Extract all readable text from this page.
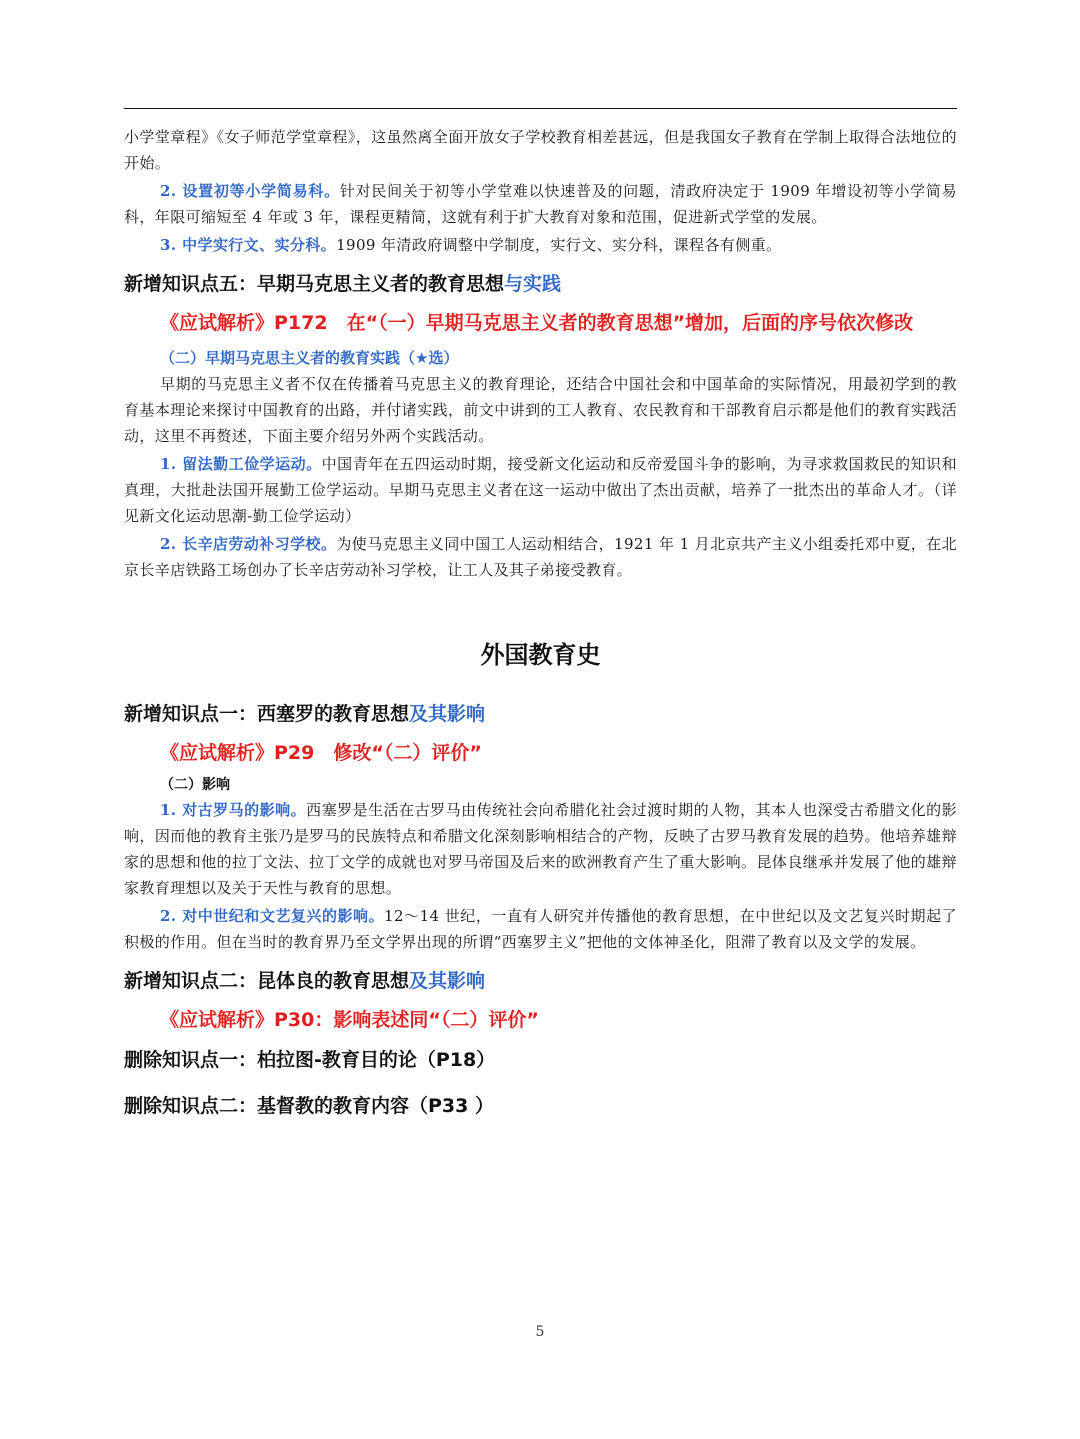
小学堂章程》《女子师范学堂章程》，这虽然离全面开放女子学校教育相差甚远，但是我国女子教育在学制上取得合法地位的开始。

2. 设置初等小学简易科。针对民间关于初等小学堂难以快速普及的问题，清政府决定于 1909 年增设初等小学简易科，年限可缩短至 4 年或 3 年，课程更精简，这就有利于扩大教育对象和范围，促进新式学堂的发展。

3. 中学实行文、实分科。1909 年清政府调整中学制度，实行文、实分科，课程各有侧重。

新增知识点五：早期马克思主义者的教育思想与实践

《应试解析》P172　在“（一）早期马克思主义者的教育思想”增加，后面的序号依次修改

（二）早期马克思主义者的教育实践（★选）

早期的马克思主义者不仅在传播着马克思主义的教育理论，还结合中国社会和中国革命的实际情况，用最初学到的教育基本理论来探讨中国教育的出路，并付诸实践，前文中讲到的工人教育、农民教育和干部教育启示都是他们的教育实践活动，这里不再赘述，下面主要介绍另外两个实践活动。

1. 留法勤工俭学运动。中国青年在五四运动时期，接受新文化运动和反帝爱国斗争的影响，为寻求救国救民的知识和真理，大批赴法国开展勤工俭学运动。早期马克思主义者在这一运动中做出了杰出贡献，培养了一批杰出的革命人才。（详见新文化运动思潮-勤工俭学运动）

2. 长辛店劳动补习学校。为使马克思主义同中国工人运动相结合，1921 年 1 月北京共产主义小组委托邓中夏，在北京长辛店铁路工场创办了长辛店劳动补习学校，让工人及其子弟接受教育。

外国教育史

新增知识点一：西塞罗的教育思想及其影响

《应试解析》P29　修改“（二）评价”

（二）影响

1. 对古罗马的影响。西塞罗是生活在古罗马由传统社会向希腊化社会过渡时期的人物，其本人也深受古希腊文化的影响，因而他的教育主张乃是罗马的民族特点和希腊文化深刻影响相结合的产物，反映了古罗马教育发展的趋势。他培养雄辩家的思想和他的拉丁文法、拉丁文学的成就也对罗马帝国及后来的欧洲教育产生了重大影响。昆体良继承并发展了他的雄辩家教育理想以及关于天性与教育的思想。

2. 对中世纪和文艺复兴的影响。12～14 世纪，一直有人研究并传播他的教育思想，在中世纪以及文艺复兴时期起了积极的作用。但在当时的教育界乃至文学界出现的所谓“西塞罗主义”把他的文体神圣化，阻滞了教育以及文学的发展。

新增知识点二：昆体良的教育思想及其影响

《应试解析》P30：影响表述同“（二）评价”

删除知识点一：柏拉图-教育目的论（P18）

删除知识点二：基督教的教育内容（P33 ）

5
